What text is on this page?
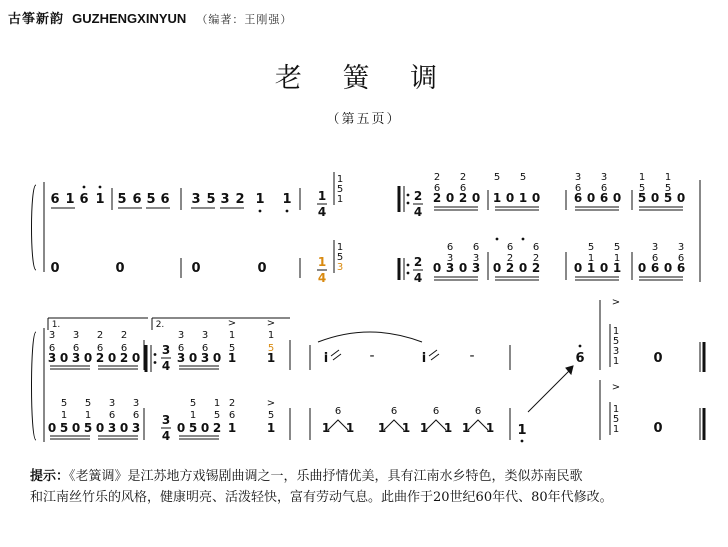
古筝新韵 GUZHENGXINYUN （编著：王刚强）
老 簧 调
（第五页）
6 1 6 1 5 6 5 6 3 5 3 2 1 1
0	0	0	0
1
4
1
4
1
5
1
1
5
3
2
4
2
4
2
6
2
0 2
6
2
0 1
5
0 1
5
0	6
6
3
0 6
6
3
0 5
5
1
0 5
5
1
0
0 3
3
6
0 3
3
6
0 2
2
6
0 2
2
6
0 1
1
5
0 1
1
5
0 6
6
3
0 6
6
3
1.	2.
3 0 3 0 2 0 2 0	3 0 3 0 1	1
6
3
6
3
6
2
6
2
6
3
6
3
5
1
5
1
>	>
3
4
3
4
0 5 0 5 0 3 0 3	0 5 0 2 1	1
1
5
1
5
6
3
6
3
1
5
5
1
6
2
5
>
i	-	i	-	6
1
5
3
1
>
0
1 1 1 1 1 1 1 1
6	6	6	6
1
1
5
1
>
0
提示：《老簧调》是江苏地方戏锡剧曲调之一，乐曲抒情优美，具有江南水乡特色，类似苏南民歌
和江南丝竹乐的风格，健康明亮、活泼轻快，富有劳动气息。此曲作于20世纪60年代、80年代修改。
